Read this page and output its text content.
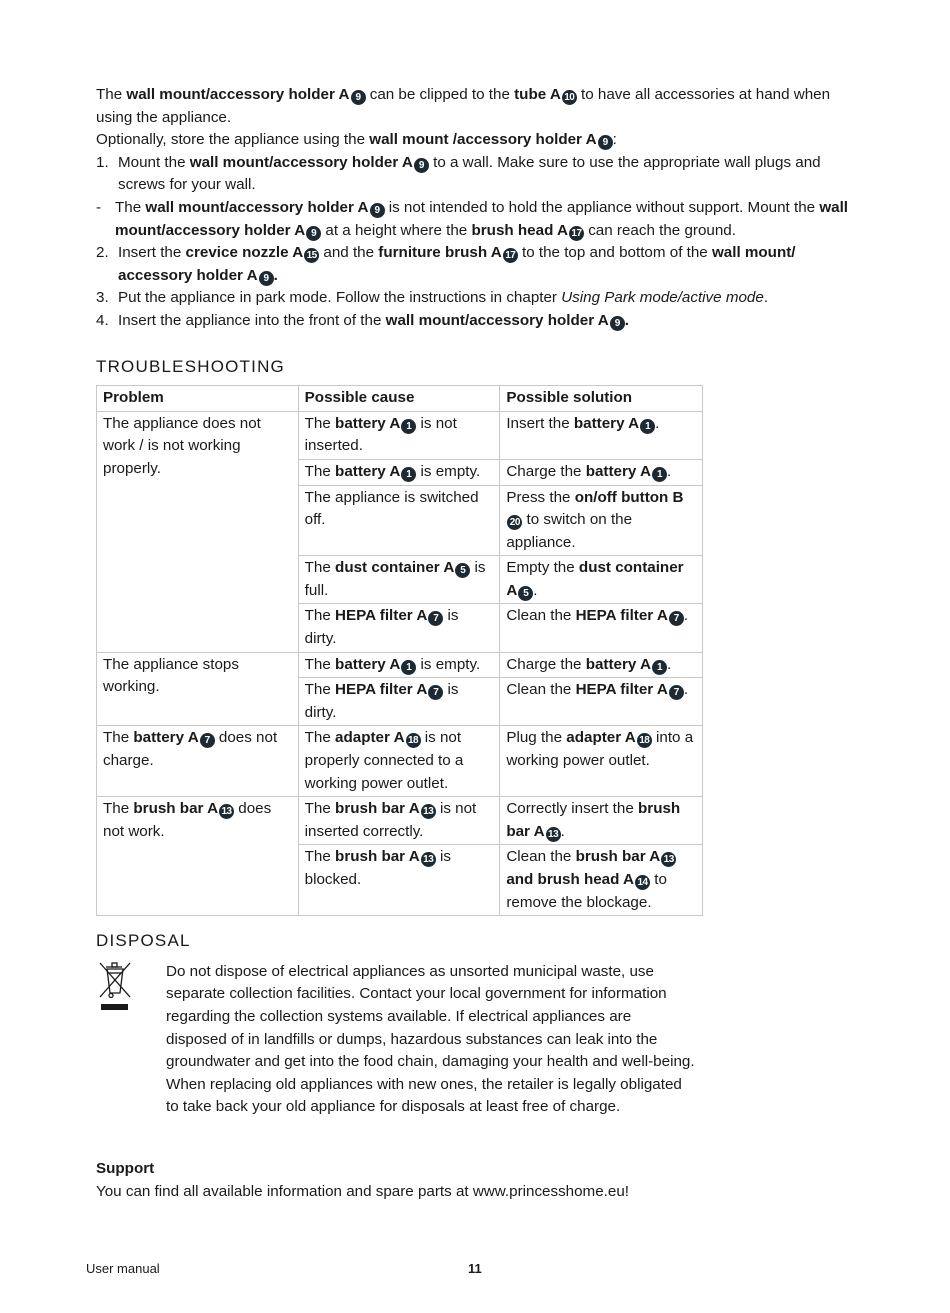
The wall mount/accessory holder A 9 can be clipped to the tube A 10 to have all accessories at hand when using the appliance.

Optionally, store the appliance using the wall mount /accessory holder A 9 :

1. Mount the wall mount/accessory holder A 9 to a wall. Make sure to use the appropriate wall plugs and screws for your wall.
- The wall mount/accessory holder A 9 is not intended to hold the appliance without support. Mount the wall mount/accessory holder A 9 at a height where the brush head A 17 can reach the ground.
2. Insert the crevice nozzle A 15 and the furniture brush A 17 to the top and bottom of the wall mount/ accessory holder A 9 .
3. Put the appliance in park mode. Follow the instructions in chapter Using Park mode/active mode.
4. Insert the appliance into the front of the wall mount/accessory holder A 9 .
TROUBLESHOOTING
Problem	Possible cause	Possible solution
The appliance does not work / is not working properly.	The battery A 1 is not inserted.	Insert the battery A 1 .
	The battery A 1 is empty.	Charge the battery A 1 .
	The appliance is switched off.	Press the on/off button B20 to switch on the appliance.
	The dust container A 5 is full.	Empty the dust container A 5 .
	The HEPA filter A 7 is dirty.	Clean the HEPA filter A 7 .
The appliance stops working.	The battery A 1 is empty.	Charge the battery A 1 .
	The HEPA filter A 7 is dirty.	Clean the HEPA filter A 7 .
The battery A 7 does not charge.	The adapter A 18 is not properly connected to a working power outlet.	Plug the adapter A 18 into a working power outlet.
The brush bar A 13 does not work.	The brush bar A 13 is not inserted correctly.	Correctly insert the brush bar A 13 .
	The brush bar A 13 is blocked.	Clean the brush bar A 13 and brush head A 14 to remove the blockage.
DISPOSAL

Do not dispose of electrical appliances as unsorted municipal waste, use separate collection facilities. Contact your local government for information regarding the collection systems available. If electrical appliances are disposed of in landfills or dumps, hazardous substances can leak into the groundwater and get into the food chain, damaging your health and well-being. When replacing old appliances with new ones, the retailer is legally obligated to take back your old appliance for disposals at least free of charge.

Support

You can find all available information and spare parts at www.princesshome.eu!

User manual	11
